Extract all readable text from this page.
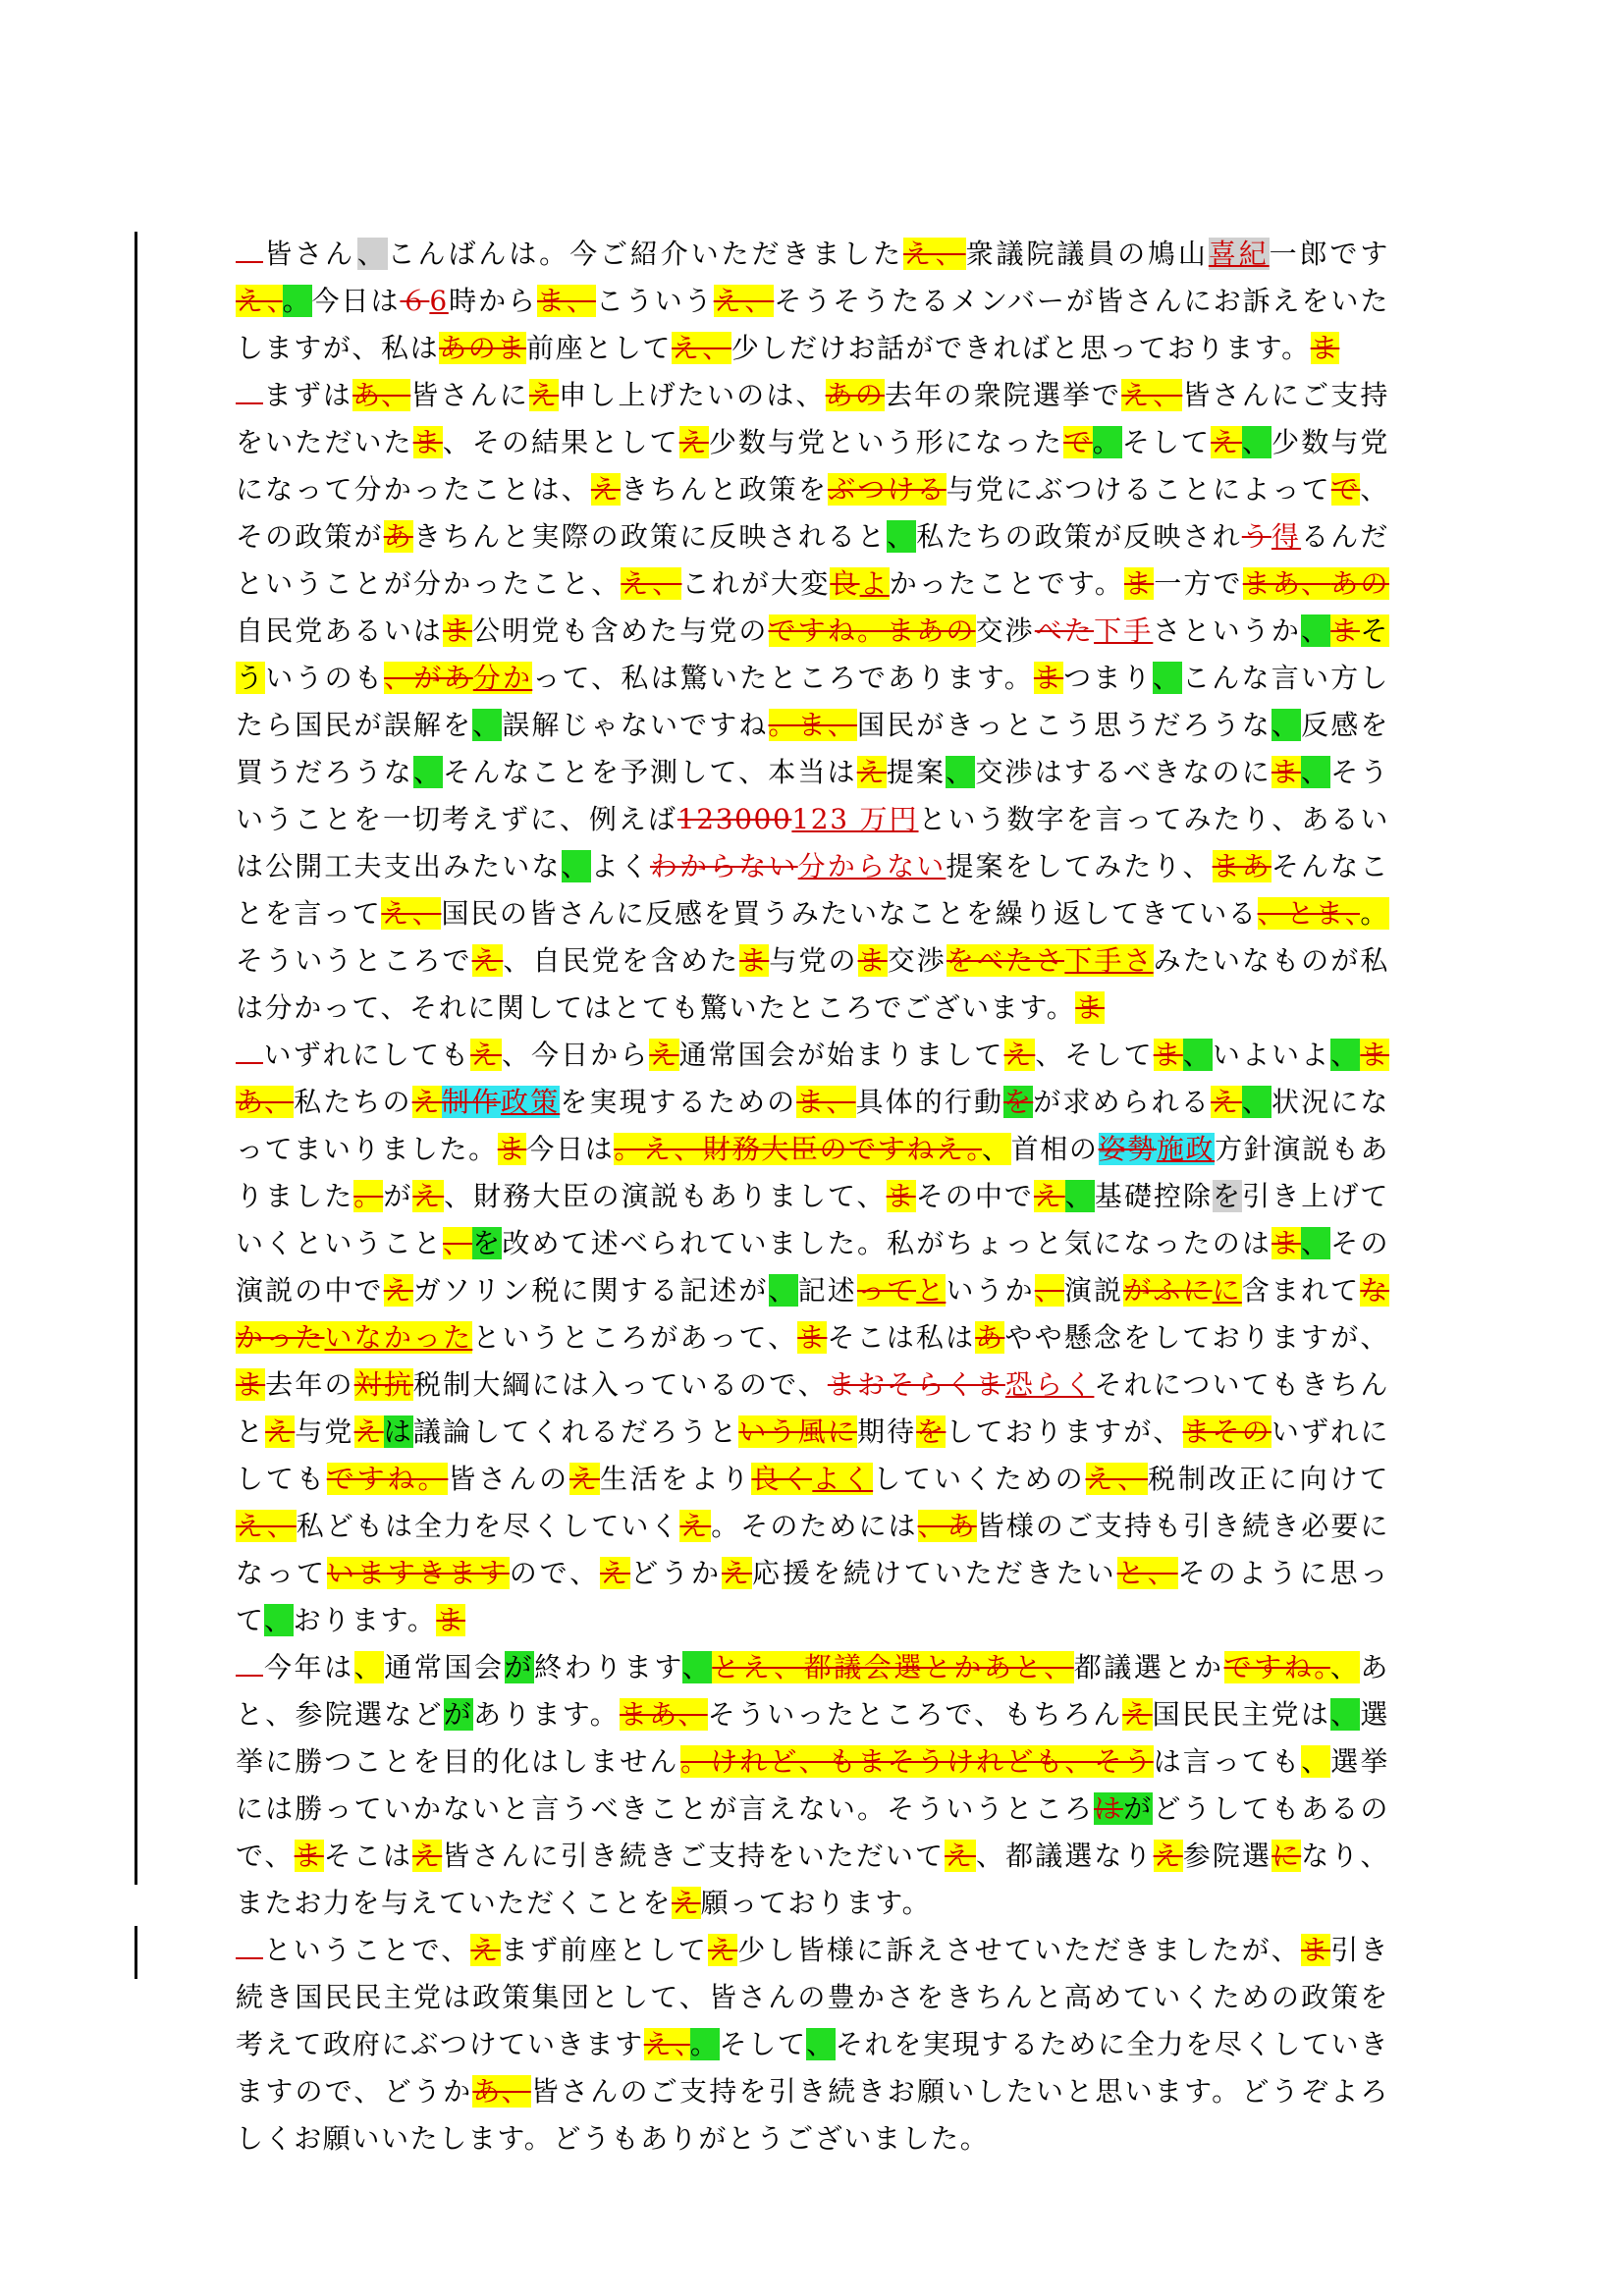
皆さん、こんばんは。今ご紹介いただきましたえ、衆議院議員の鳩山喜紀一郎ですえ、。今日は６6時からま、こういうえ、そうそうたるメンバーが皆さんにお訴えをいたしますが、私はあのま前座としてえ、少しだけお話ができればと思っております。ま

まずはあ、皆さんにえ申し上げたいのは、あの去年の衆院選挙でえ、皆さんにご支持をいただいたま、その結果としてえ少数与党という形になったで。そしてえ、少数与党になって分かったことは、えきちんと政策をぶつける与党にぶつけることによってで、その政策があきちんと実際の政策に反映されると、私たちの政策が反映されう得るんだということが分かったこと、え、これが大変良よかったことです。ま一方でまあ、あの自民党あるいはま公明党も含めた与党のですね。まあの交渉べた下手さというか、まそういうのも、があ分かって、私は驚いたところであります。まつまり、こんな言い方したら国民が誤解を、誤解じゃないですね。ま、国民がきっとこう思うだろうな、反感を買うだろうな、そんなことを予測して、本当はえ提案、交渉はするべきなのにま、そういうことを一切考えずに、例えば123000123 万円という数字を言ってみたり、あるいは公開工夫支出みたいな、よくわからない分からない提案をしてみたり、まあそんなことを言ってえ、国民の皆さんに反感を買うみたいなことを繰り返してきている、とま、。そういうところでえ、自民党を含めたま与党のま交渉をべたさ下手さみたいなものが私は分かって、それに関してはとても驚いたところでございます。ま

いずれにしてもえ、今日からえ通常国会が始まりましてえ、そしてま、いよいよ、まあ、私たちのえ制作政策を実現するためのま、具体的行動をが求められるえ、状況になってまいりました。ま今日は。え、財務大臣のですねえ。、首相の姿勢施政方針演説もありました。がえ、財務大臣の演説もありまして、まその中でえ、基礎控除を引き上げていくということ、を改めて述べられていました。私がちょっと気になったのはま、その演説の中でえガソリン税に関する記述が、記述ってというか、演説がふにに含まれてなかったいなかったというところがあって、まそこは私はあやや懸念をしておりますが、ま去年の対抗税制大綱には入っているので、まおそらくま恐らくそれについてもきちんとえ与党えは議論してくれるだろうという風に期待をしておりますが、まそのいずれにしてもですね。皆さんのえ生活をより良くよくしていくためのえ、税制改正に向けてえ、私どもは全力を尽くしていくえ。そのためには、あ皆様のご支持も引き続き必要になっていますきますので、えどうかえ応援を続けていただきたいと、そのように思って、おります。ま

今年は、通常国会が終わります、とえ、都議会選とかあと、都議選とかですね。、あと、参院選などがあります。まあ、そういったところで、もちろんえ国民民主党は、選挙に勝つことを目的化はしません。けれど、もまそうけれども、そうは言っても、選挙には勝っていかないと言うべきことが言えない。そういうところはがどうしてもあるので、まそこはえ皆さんに引き続きご支持をいただいてえ、都議選なりえ参院選になり、またお力を与えていただくことをえ願っております。

ということで、えまず前座としてえ少し皆様に訴えさせていただきましたが、ま引き続き国民民主党は政策集団として、皆さんの豊かさをきちんと高めていくための政策を考えて政府にぶつけていきますえ、。そして、それを実現するために全力を尽くしていきますので、どうかあ、皆さんのご支持を引き続きお願いしたいと思います。どうぞよろしくお願いいたします。どうもありがとうございました。
